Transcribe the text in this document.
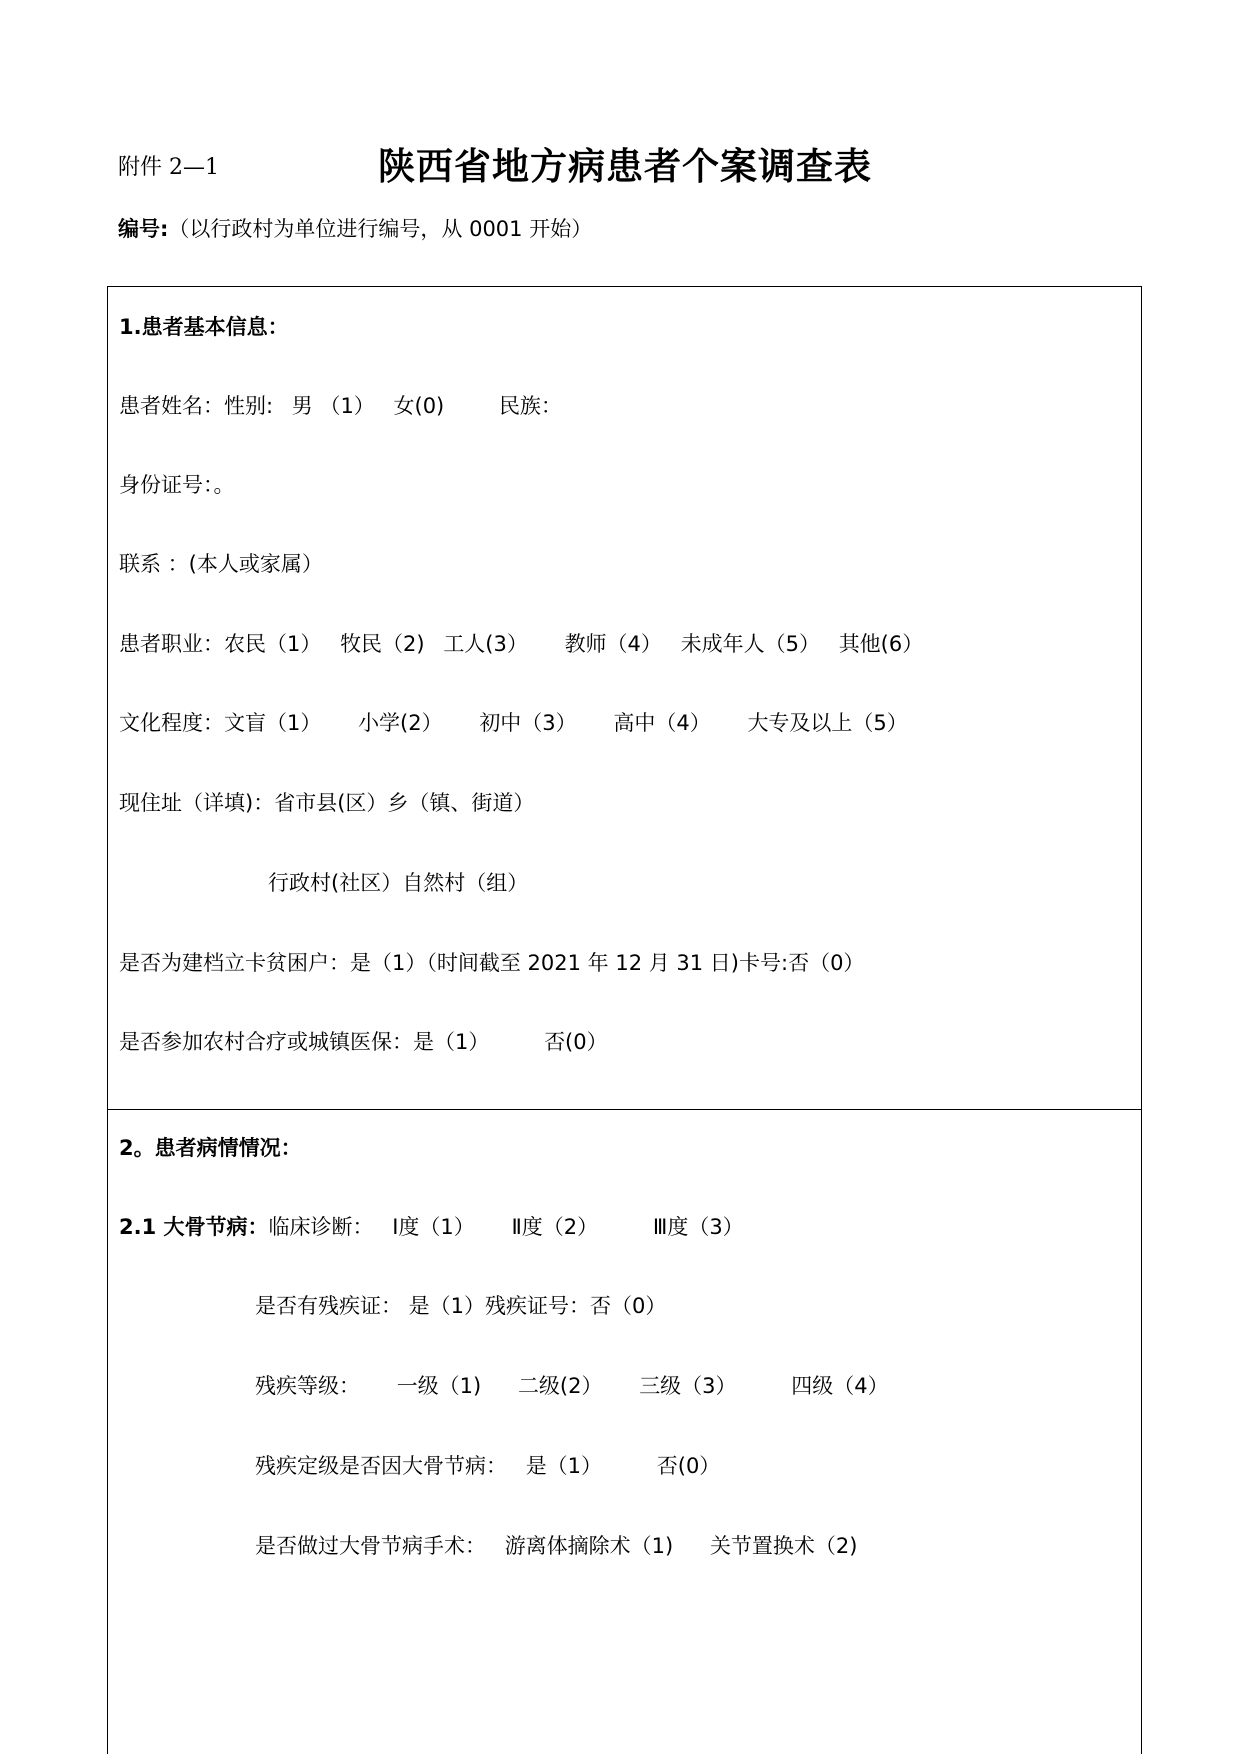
附件 2—1	陕西省地方病患者个案调查表
编号:（以行政村为单位进行编号，从 0001 开始）
1.患者基本信息：
患者姓名：性别: 男 （1） 女(0)	民族：
身份证号：。
联系 ：(本人或家属）
患者职业：农民（1） 牧民（2) 工人(3） 教师（4） 未成年人（5） 其他(6）
文化程度：文盲（1） 小学(2） 初中（3） 高中（4） 大专及以上（5）
现住址（详填)：省市县(区）乡（镇、街道）
行政村(社区）自然村（组）
是否为建档立卡贫困户：是（1）（时间截至 2021 年 12 月 31 日)卡号:否（0）
是否参加农村合疗或城镇医保：是（1）	否(0）
2。患者病情情况：
2.1 大骨节病：临床诊断： Ⅰ度（1） Ⅱ度（2）	Ⅲ度（3）
是否有残疾证： 是（1）残疾证号：否（0）
残疾等级： 一级（1) 二级(2） 三级（3）	四级（4）
残疾定级是否因大骨节病： 是（1）	否(0）
是否做过大骨节病手术： 游离体摘除术（1) 关节置换术（2)
